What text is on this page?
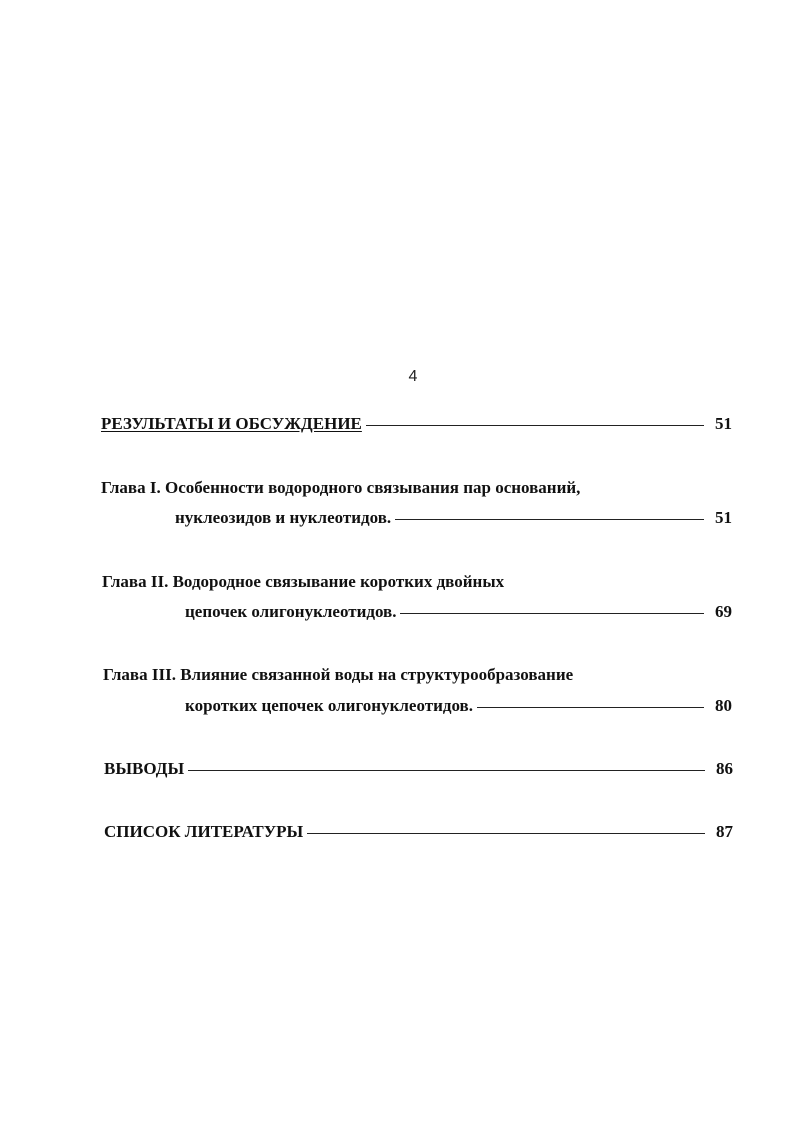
4
РЕЗУЛЬТАТЫ И ОБСУЖДЕНИЕ	51
Глава I. Особенности водородного связывания пар оснований,
нуклеозидов и нуклеотидов.	51
Глава II. Водородное связывание коротких двойных
цепочек олигонуклеотидов.	69
Глава III. Влияние связанной воды на структурообразование
коротких цепочек олигонуклеотидов.	80
ВЫВОДЫ	86
СПИСОК ЛИТЕРАТУРЫ	87
